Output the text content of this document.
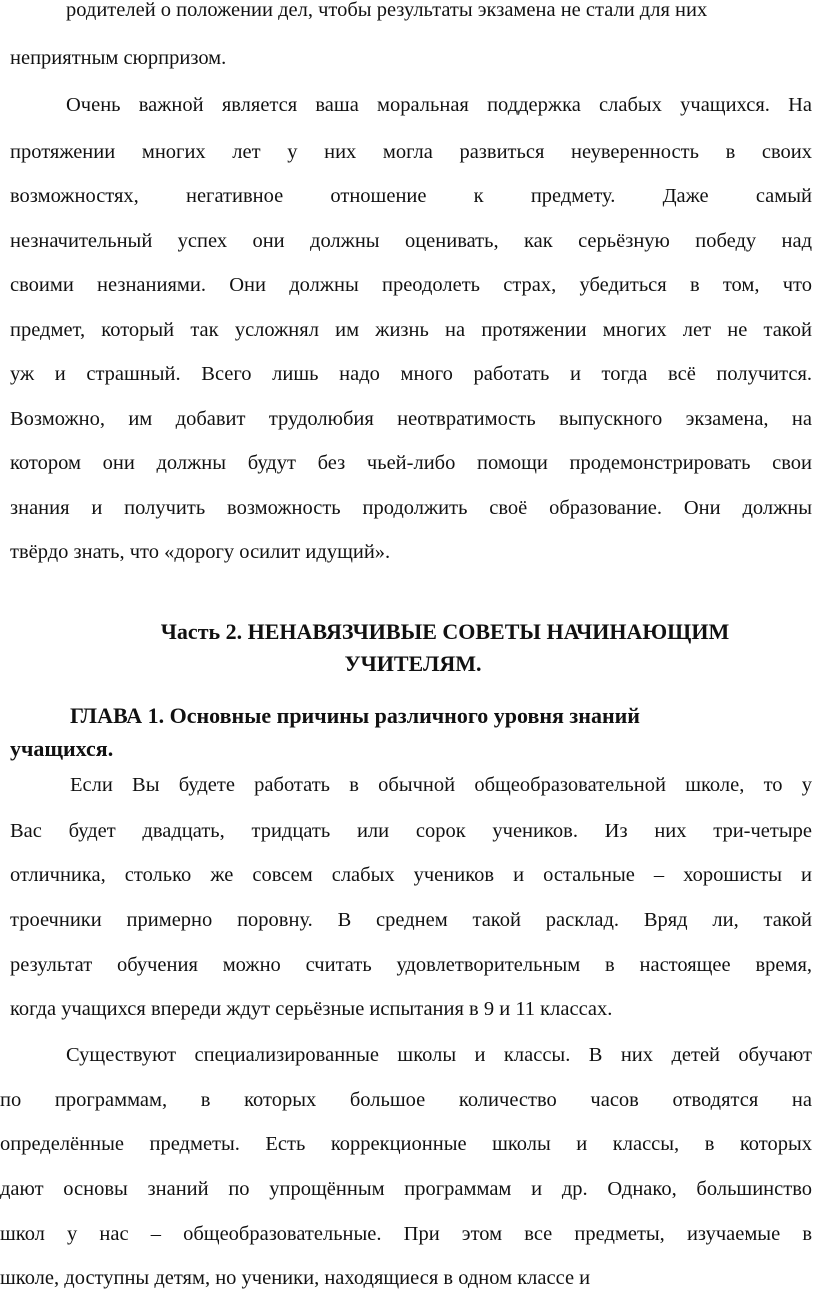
родителей о положении дел, чтобы результаты экзамена не стали для них
неприятным сюрпризом.
Очень важной является ваша моральная поддержка слабых учащихся. На
протяжении многих лет у них могла развиться неуверенность в своих
возможностях, негативное отношение к предмету. Даже самый
незначительный успех они должны оценивать, как серьёзную победу над
своими незнаниями. Они должны преодолеть страх, убедиться в том, что
предмет, который так усложнял им жизнь на протяжении многих лет не такой
уж и страшный. Всего лишь надо много работать и тогда всё получится.
Возможно, им добавит трудолюбия неотвратимость выпускного экзамена, на
котором они должны будут без чьей-либо помощи продемонстрировать свои
знания и получить возможность продолжить своё образование. Они должны
твёрдо знать, что «дорогу осилит идущий».
Часть 2. НЕНАВЯЗЧИВЫЕ СОВЕТЫ НАЧИНАЮЩИМ
УЧИТЕЛЯМ.
ГЛАВА 1. Основные причины различного уровня знаний
учащихся.
Если Вы будете работать в обычной общеобразовательной школе, то у
Вас будет двадцать, тридцать или сорок учеников. Из них три-четыре
отличника, столько же совсем слабых учеников и остальные – хорошисты и
троечники примерно поровну. В среднем такой расклад. Вряд ли, такой
результат обучения можно считать удовлетворительным в настоящее время,
когда учащихся впереди ждут серьёзные испытания в 9 и 11 классах.
Существуют специализированные школы и классы. В них детей обучают
по программам, в которых большое количество часов отводятся на
определённые предметы. Есть коррекционные школы и классы, в которых
дают основы знаний по упрощённым программам и др. Однако, большинство
школ у нас – общеобразовательные. При этом все предметы, изучаемые в
школе, доступны детям, но ученики, находящиеся в одном классе и
